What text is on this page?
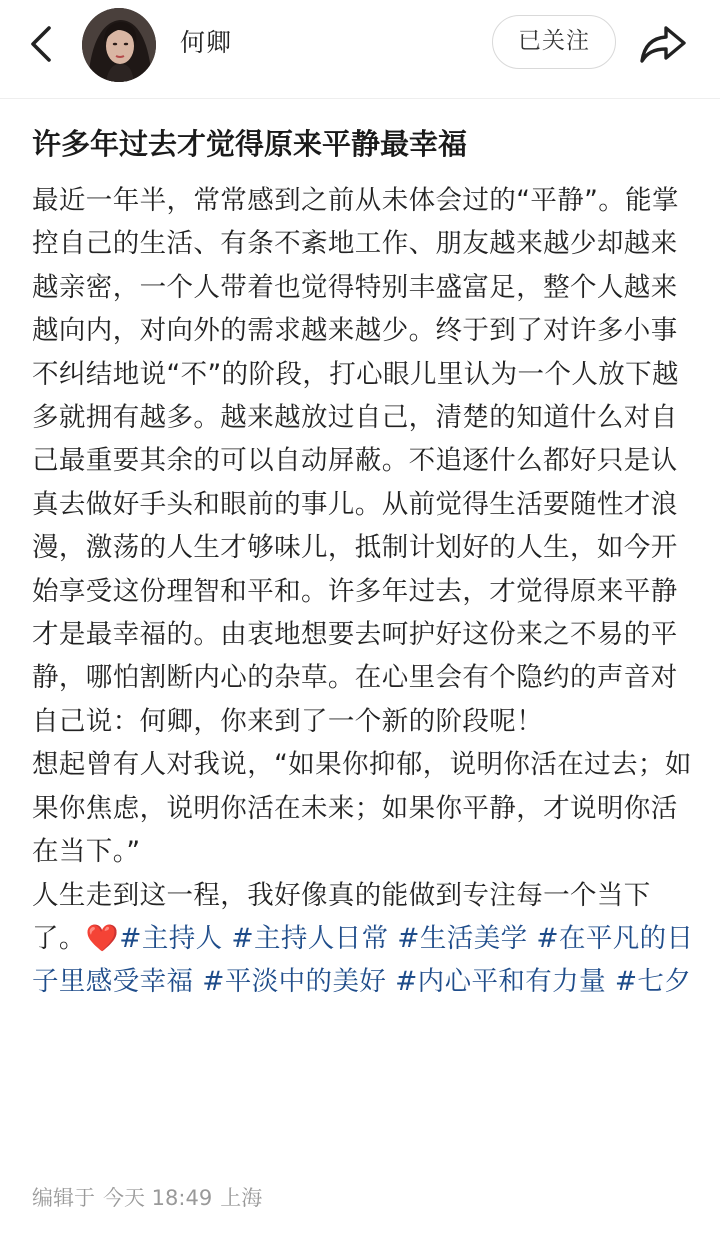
何卿	已关注
许多年过去才觉得原来平静最幸福

最近一年半，常常感到之前从未体会过的“平静”。能掌控自己的生活、有条不紊地工作、朋友越来越少却越来越亲密，一个人带着也觉得特别丰盛富足，整个人越来越向内，对向外的需求越来越少。终于到了对许多小事不纠结地说“不”的阶段，打心眼儿里认为一个人放下越多就拥有越多。越来越放过自己，清楚的知道什么对自己最重要其余的可以自动屏蔽。不追逐什么都好只是认真去做好手头和眼前的事儿。从前觉得生活要随性才浪漫，激荡的人生才够味儿，抵制计划好的人生，如今开始享受这份理智和平和。许多年过去，才觉得原来平静才是最幸福的。由衷地想要去呵护好这份来之不易的平静，哪怕割断内心的杂草。在心里会有个隐约的声音对自己说：何卿，你来到了一个新的阶段呢！

想起曾有人对我说，“如果你抑郁，说明你活在过去；如果你焦虑，说明你活在未来；如果你平静，才说明你活在当下。”

人生走到这一程，我好像真的能做到专注每一个当下了。❤️#主持人 #主持人日常 #生活美学 #在平凡的日子里感受幸福 #平淡中的美好 #内心平和有力量 #七夕

编辑于 今天 18:49 上海
